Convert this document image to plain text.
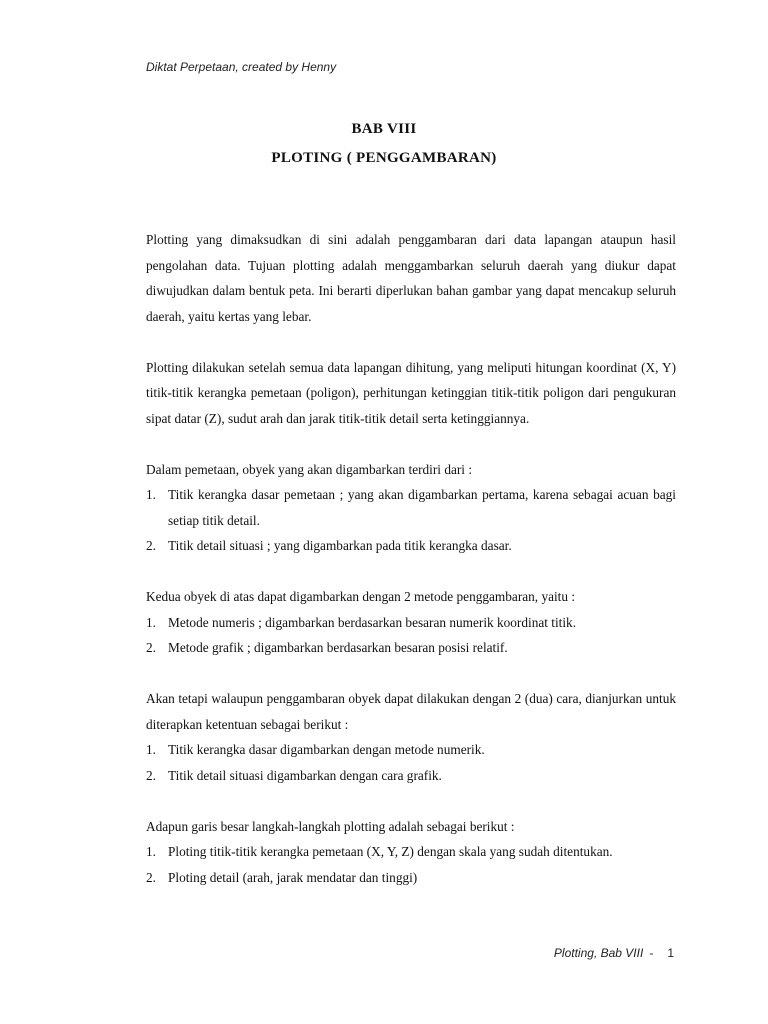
Diktat Perpetaan, created by Henny
BAB VIII
PLOTING ( PENGGAMBARAN)

Plotting yang dimaksudkan di sini adalah penggambaran dari data lapangan ataupun hasil pengolahan data. Tujuan plotting adalah menggambarkan seluruh daerah yang diukur dapat diwujudkan dalam bentuk peta. Ini berarti diperlukan bahan gambar yang dapat mencakup seluruh daerah, yaitu kertas yang lebar.

Plotting dilakukan setelah semua data lapangan dihitung, yang meliputi hitungan koordinat (X, Y) titik-titik kerangka pemetaan (poligon), perhitungan ketinggian titik-titik poligon dari pengukuran sipat datar (Z), sudut arah dan jarak titik-titik detail serta ketinggiannya.

Dalam pemetaan, obyek yang akan digambarkan terdiri dari :

1. Titik kerangka dasar pemetaan ; yang akan digambarkan pertama, karena sebagai acuan bagi setiap titik detail.
2. Titik detail situasi ; yang digambarkan pada titik kerangka dasar.

Kedua obyek di atas dapat digambarkan dengan 2 metode penggambaran, yaitu :

1. Metode numeris ; digambarkan berdasarkan besaran numerik koordinat titik.
2. Metode grafik ; digambarkan berdasarkan besaran posisi relatif.

Akan tetapi walaupun penggambaran obyek dapat dilakukan dengan 2 (dua) cara, dianjurkan untuk diterapkan ketentuan sebagai berikut :

1. Titik kerangka dasar digambarkan dengan metode numerik.
2. Titik detail situasi digambarkan dengan cara grafik.

Adapun garis besar langkah-langkah plotting adalah sebagai berikut :

1. Ploting titik-titik kerangka pemetaan (X, Y, Z) dengan skala yang sudah ditentukan.
2. Ploting detail (arah, jarak mendatar dan tinggi)
Plotting, Bab VIII - 1
